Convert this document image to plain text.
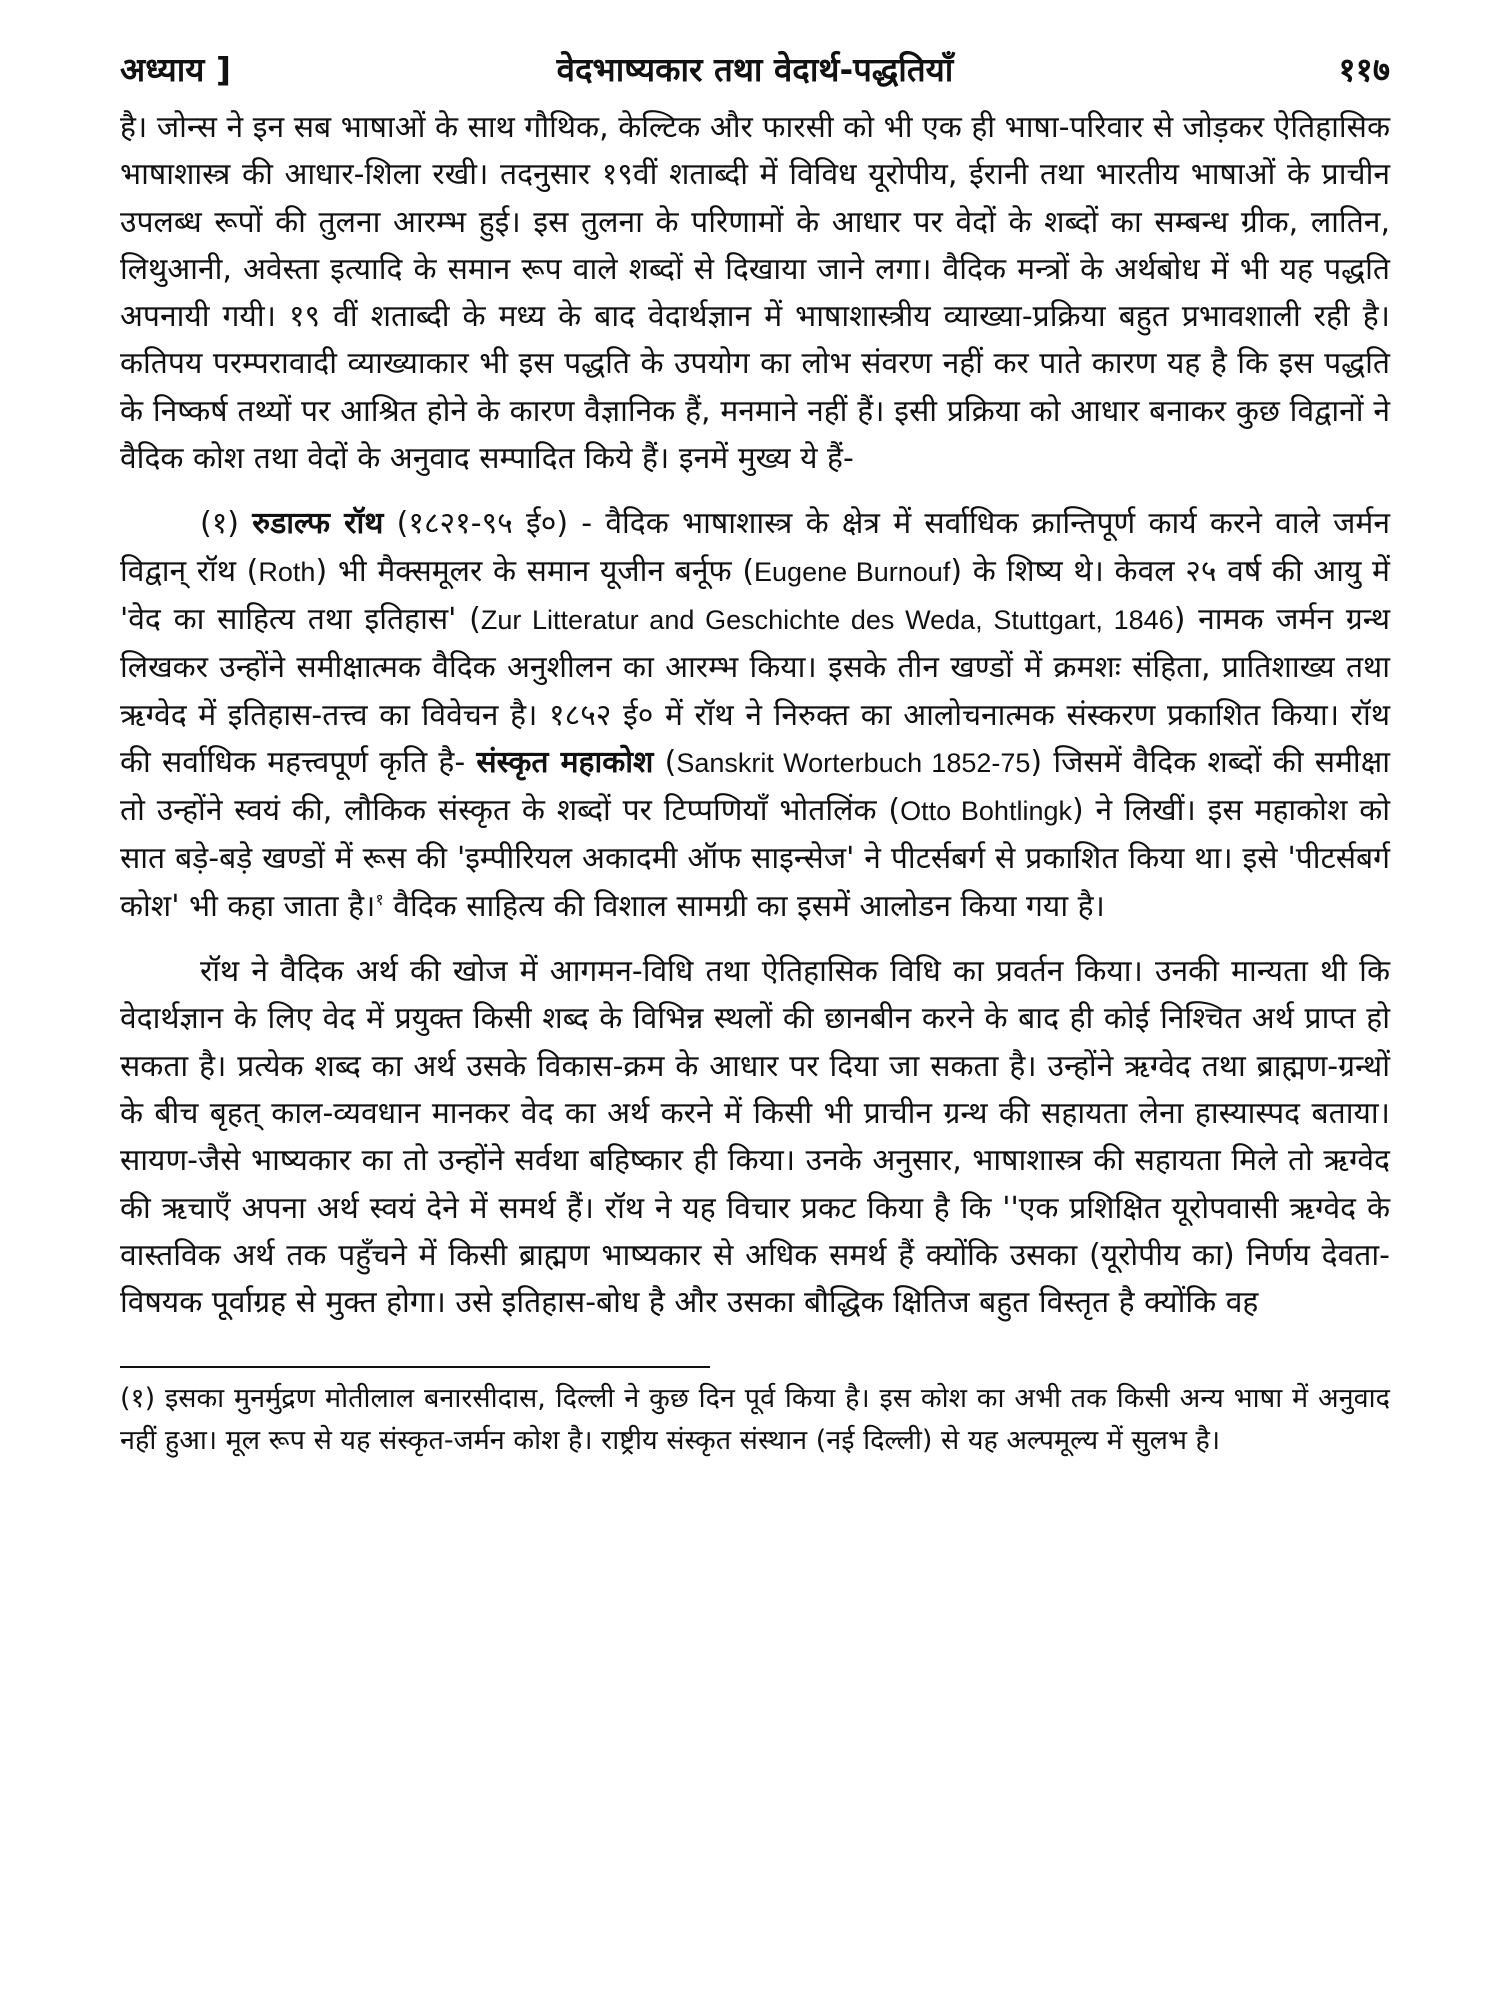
अध्याय ]	वेदभाष्यकार तथा वेदार्थ-पद्धतियाँ	११७

है। जोन्स ने इन सब भाषाओं के साथ गौथिक, केल्टिक और फारसी को भी एक ही भाषा-परिवार से जोड़कर ऐतिहासिक भाषाशास्त्र की आधार-शिला रखी। तदनुसार १९वीं शताब्दी में विविध यूरोपीय, ईरानी तथा भारतीय भाषाओं के प्राचीन उपलब्ध रूपों की तुलना आरम्भ हुई। इस तुलना के परिणामों के आधार पर वेदों के शब्दों का सम्बन्ध ग्रीक, लातिन, लिथुआनी, अवेस्ता इत्यादि के समान रूप वाले शब्दों से दिखाया जाने लगा। वैदिक मन्त्रों के अर्थबोध में भी यह पद्धति अपनायी गयी। १९ वीं शताब्दी के मध्य के बाद वेदार्थज्ञान में भाषाशास्त्रीय व्याख्या-प्रक्रिया बहुत प्रभावशाली रही है। कतिपय परम्परावादी व्याख्याकार भी इस पद्धति के उपयोग का लोभ संवरण नहीं कर पाते कारण यह है कि इस पद्धति के निष्कर्ष तथ्यों पर आश्रित होने के कारण वैज्ञानिक हैं, मनमाने नहीं हैं। इसी प्रक्रिया को आधार बनाकर कुछ विद्वानों ने वैदिक कोश तथा वेदों के अनुवाद सम्पादित किये हैं। इनमें मुख्य ये हैं-

(१) रुडाल्फ रॉथ (१८२१-९५ ई०) - वैदिक भाषाशास्त्र के क्षेत्र में सर्वाधिक क्रान्तिपूर्ण कार्य करने वाले जर्मन विद्वान् रॉथ (Roth) भी मैक्समूलर के समान यूजीन बर्नूफ (Eugene Burnouf) के शिष्य थे। केवल २५ वर्ष की आयु में 'वेद का साहित्य तथा इतिहास' (Zur Litteratur and Geschichte des Weda, Stuttgart, 1846) नामक जर्मन ग्रन्थ लिखकर उन्होंने समीक्षात्मक वैदिक अनुशीलन का आरम्भ किया। इसके तीन खण्डों में क्रमशः संहिता, प्रातिशाख्य तथा ऋग्वेद में इतिहास-तत्त्व का विवेचन है। १८५२ ई० में रॉथ ने निरुक्त का आलोचनात्मक संस्करण प्रकाशित किया। रॉथ की सर्वाधिक महत्त्वपूर्ण कृति है- संस्कृत महाकोश (Sanskrit Worterbuch 1852-75) जिसमें वैदिक शब्दों की समीक्षा तो उन्होंने स्वयं की, लौकिक संस्कृत के शब्दों पर टिप्पणियाँ भोतलिंक (Otto Bohtlingk) ने लिखीं। इस महाकोश को सात बड़े-बड़े खण्डों में रूस की 'इम्पीरियल अकादमी ऑफ साइन्सेज' ने पीटर्सबर्ग से प्रकाशित किया था। इसे 'पीटर्सबर्ग कोश' भी कहा जाता है।$^१$ वैदिक साहित्य की विशाल सामग्री का इसमें आलोडन किया गया है।

रॉथ ने वैदिक अर्थ की खोज में आगमन-विधि तथा ऐतिहासिक विधि का प्रवर्तन किया। उनकी मान्यता थी कि वेदार्थज्ञान के लिए वेद में प्रयुक्त किसी शब्द के विभिन्न स्थलों की छानबीन करने के बाद ही कोई निश्चित अर्थ प्राप्त हो सकता है। प्रत्येक शब्द का अर्थ उसके विकास-क्रम के आधार पर दिया जा सकता है। उन्होंने ऋग्वेद तथा ब्राह्मण-ग्रन्थों के बीच बृहत् काल-व्यवधान मानकर वेद का अर्थ करने में किसी भी प्राचीन ग्रन्थ की सहायता लेना हास्यास्पद बताया। सायण-जैसे भाष्यकार का तो उन्होंने सर्वथा बहिष्कार ही किया। उनके अनुसार, भाषाशास्त्र की सहायता मिले तो ऋग्वेद की ऋचाएँ अपना अर्थ स्वयं देने में समर्थ हैं। रॉथ ने यह विचार प्रकट किया है कि ''एक प्रशिक्षित यूरोपवासी ऋग्वेद के वास्तविक अर्थ तक पहुँचने में किसी ब्राह्मण भाष्यकार से अधिक समर्थ हैं क्योंकि उसका (यूरोपीय का) निर्णय देवता-विषयक पूर्वाग्रह से मुक्त होगा। उसे इतिहास-बोध है और उसका बौद्धिक क्षितिज बहुत विस्तृत है क्योंकि वह

(१) इसका मुनर्मुद्रण मोतीलाल बनारसीदास, दिल्ली ने कुछ दिन पूर्व किया है। इस कोश का अभी तक किसी अन्य भाषा में अनुवाद नहीं हुआ। मूल रूप से यह संस्कृत-जर्मन कोश है। राष्ट्रीय संस्कृत संस्थान (नई दिल्ली) से यह अल्पमूल्य में सुलभ है।
